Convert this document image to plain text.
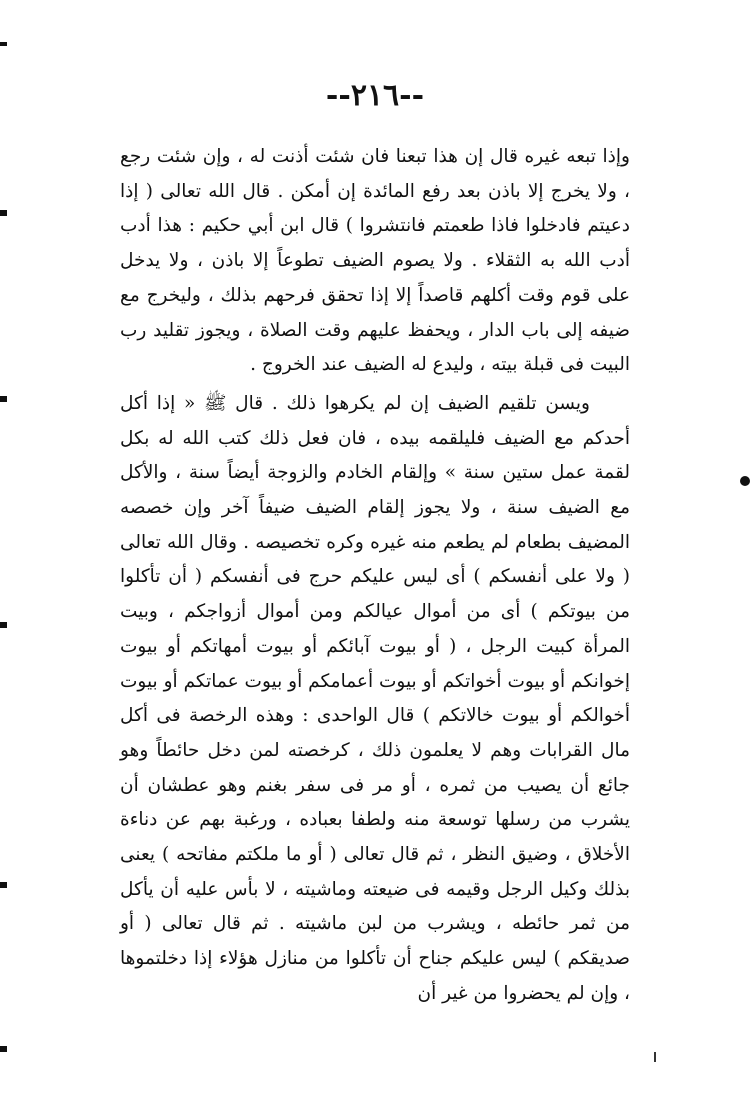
--٢١٦--

وإذا تبعه غيره قال إن هذا تبعنا فان شئت أذنت له ، وإن شئت رجع ، ولا يخرج إلا باذن بعد رفع المائدة إن أمكن . قال الله تعالى ( إذا دعيتم فادخلوا فاذا طعمتم فانتشروا ) قال ابن أبي حكيم : هذا أدب أدب الله به الثقلاء . ولا يصوم الضيف تطوعاً إلا باذن ، ولا يدخل على قوم وقت أكلهم قاصداً إلا إذا تحقق فرحهم بذلك ، وليخرج مع ضيفه إلى باب الدار ، ويحفظ عليهم وقت الصلاة ، ويجوز تقليد رب البيت فى قبلة بيته ، وليدع له الضيف عند الخروج .

ويسن تلقيم الضيف إن لم يكرهوا ذلك . قال ﷺ « إذا أكل أحدكم مع الضيف فليلقمه بيده ، فان فعل ذلك كتب الله له بكل لقمة عمل ستين سنة » وإلقام الخادم والزوجة أيضاً سنة ، والأكل مع الضيف سنة ، ولا يجوز إلقام الضيف ضيفاً آخر وإن خصصه المضيف بطعام لم يطعم منه غيره وكره تخصيصه . وقال الله تعالى ( ولا على أنفسكم ) أى ليس عليكم حرج فى أنفسكم ( أن تأكلوا من بيوتكم ) أى من أموال عيالكم ومن أموال أزواجكم ، وبيت المرأة كبيت الرجل ، ( أو بيوت آبائكم أو بيوت أمهاتكم أو بيوت إخوانكم أو بيوت أخواتكم أو بيوت أعمامكم أو بيوت عماتكم أو بيوت أخوالكم أو بيوت خالاتكم ) قال الواحدى : وهذه الرخصة فى أكل مال القرابات وهم لا يعلمون ذلك ، كرخصته لمن دخل حائطاً وهو جائع أن يصيب من ثمره ، أو مر فى سفر بغنم وهو عطشان أن يشرب من رسلها توسعة منه ولطفا بعباده ، ورغبة بهم عن دناءة الأخلاق ، وضيق النظر ، ثم قال تعالى ( أو ما ملكتم مفاتحه ) يعنى بذلك وكيل الرجل وقيمه فى ضيعته وماشيته ، لا بأس عليه أن يأكل من ثمر حائطه ، ويشرب من لبن ماشيته . ثم قال تعالى ( أو صديقكم ) ليس عليكم جناح أن تأكلوا من منازل هؤلاء إذا دخلتموها ، وإن لم يحضروا من غير أن
